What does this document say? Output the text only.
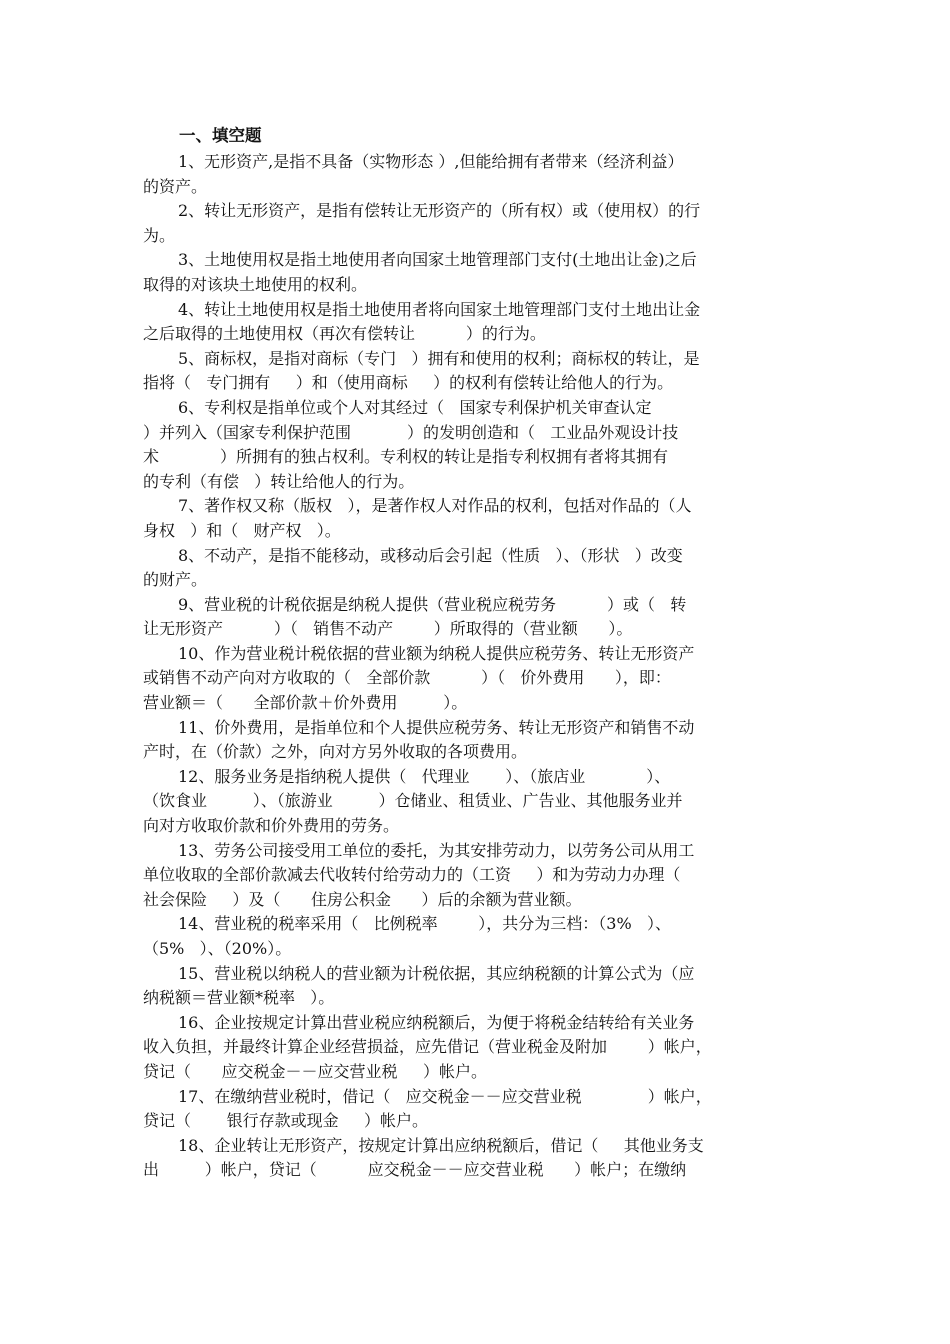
一、填空题
1、无形资产,是指不具备（实物形态 ）,但能给拥有者带来（经济利益）
的资产。
2、转让无形资产，是指有偿转让无形资产的（所有权）或（使用权）的行
为。
3、土地使用权是指土地使用者向国家土地管理部门支付(土地出让金)之后
取得的对该块土地使用的权利。
4、转让土地使用权是指土地使用者将向国家土地管理部门支付土地出让金
之后取得的土地使用权（再次有偿转让          ）的行为。
5、商标权，是指对商标（专门   ）拥有和使用的权利；商标权的转让，是
指将（   专门拥有     ）和（使用商标     ）的权利有偿转让给他人的行为。
6、专利权是指单位或个人对其经过（   国家专利保护机关审查认定
）并列入（国家专利保护范围           ）的发明创造和（   工业品外观设计技
术            ）所拥有的独占权利。专利权的转让是指专利权拥有者将其拥有
的专利（有偿   ）转让给他人的行为。
7、著作权又称（版权   ），是著作权人对作品的权利，包括对作品的（人
身权   ）和（   财产权   ）。
8、不动产，是指不能移动，或移动后会引起（性质   ）、（形状   ）改变
的财产。
9、营业税的计税依据是纳税人提供（营业税应税劳务          ）或（   转
让无形资产          ）（   销售不动产        ）所取得的（营业额      ）。
10、作为营业税计税依据的营业额为纳税人提供应税劳务、转让无形资产
或销售不动产向对方收取的（   全部价款          ）（   价外费用      ），即：
营业额＝（      全部价款＋价外费用         ）。
11、价外费用，是指单位和个人提供应税劳务、转让无形资产和销售不动
产时，在（价款）之外，向对方另外收取的各项费用。
12、服务业务是指纳税人提供（   代理业       ）、（旅店业            ）、
（饮食业         ）、（旅游业         ）仓储业、租赁业、广告业、其他服务业并
向对方收取价款和价外费用的劳务。
13、劳务公司接受用工单位的委托，为其安排劳动力，以劳务公司从用工
单位收取的全部价款减去代收转付给劳动力的（工资     ）和为劳动力办理（
社会保险     ）及（      住房公积金      ）后的余额为营业额。
14、营业税的税率采用（   比例税率        ），共分为三档：（3%   ）、
（5%   ）、（20%）。
15、营业税以纳税人的营业额为计税依据，其应纳税额的计算公式为（应
纳税额＝营业额*税率   ）。
16、企业按规定计算出营业税应纳税额后，为便于将税金结转给有关业务
收入负担，并最终计算企业经营损益，应先借记（营业税金及附加        ）帐户，
贷记（      应交税金－－应交营业税     ）帐户。
17、在缴纳营业税时，借记（   应交税金－－应交营业税             ）帐户，
贷记（       银行存款或现金     ）帐户。
18、企业转让无形资产，按规定计算出应纳税额后，借记（     其他业务支
出         ）帐户，贷记（          应交税金－－应交营业税      ）帐户；在缴纳
